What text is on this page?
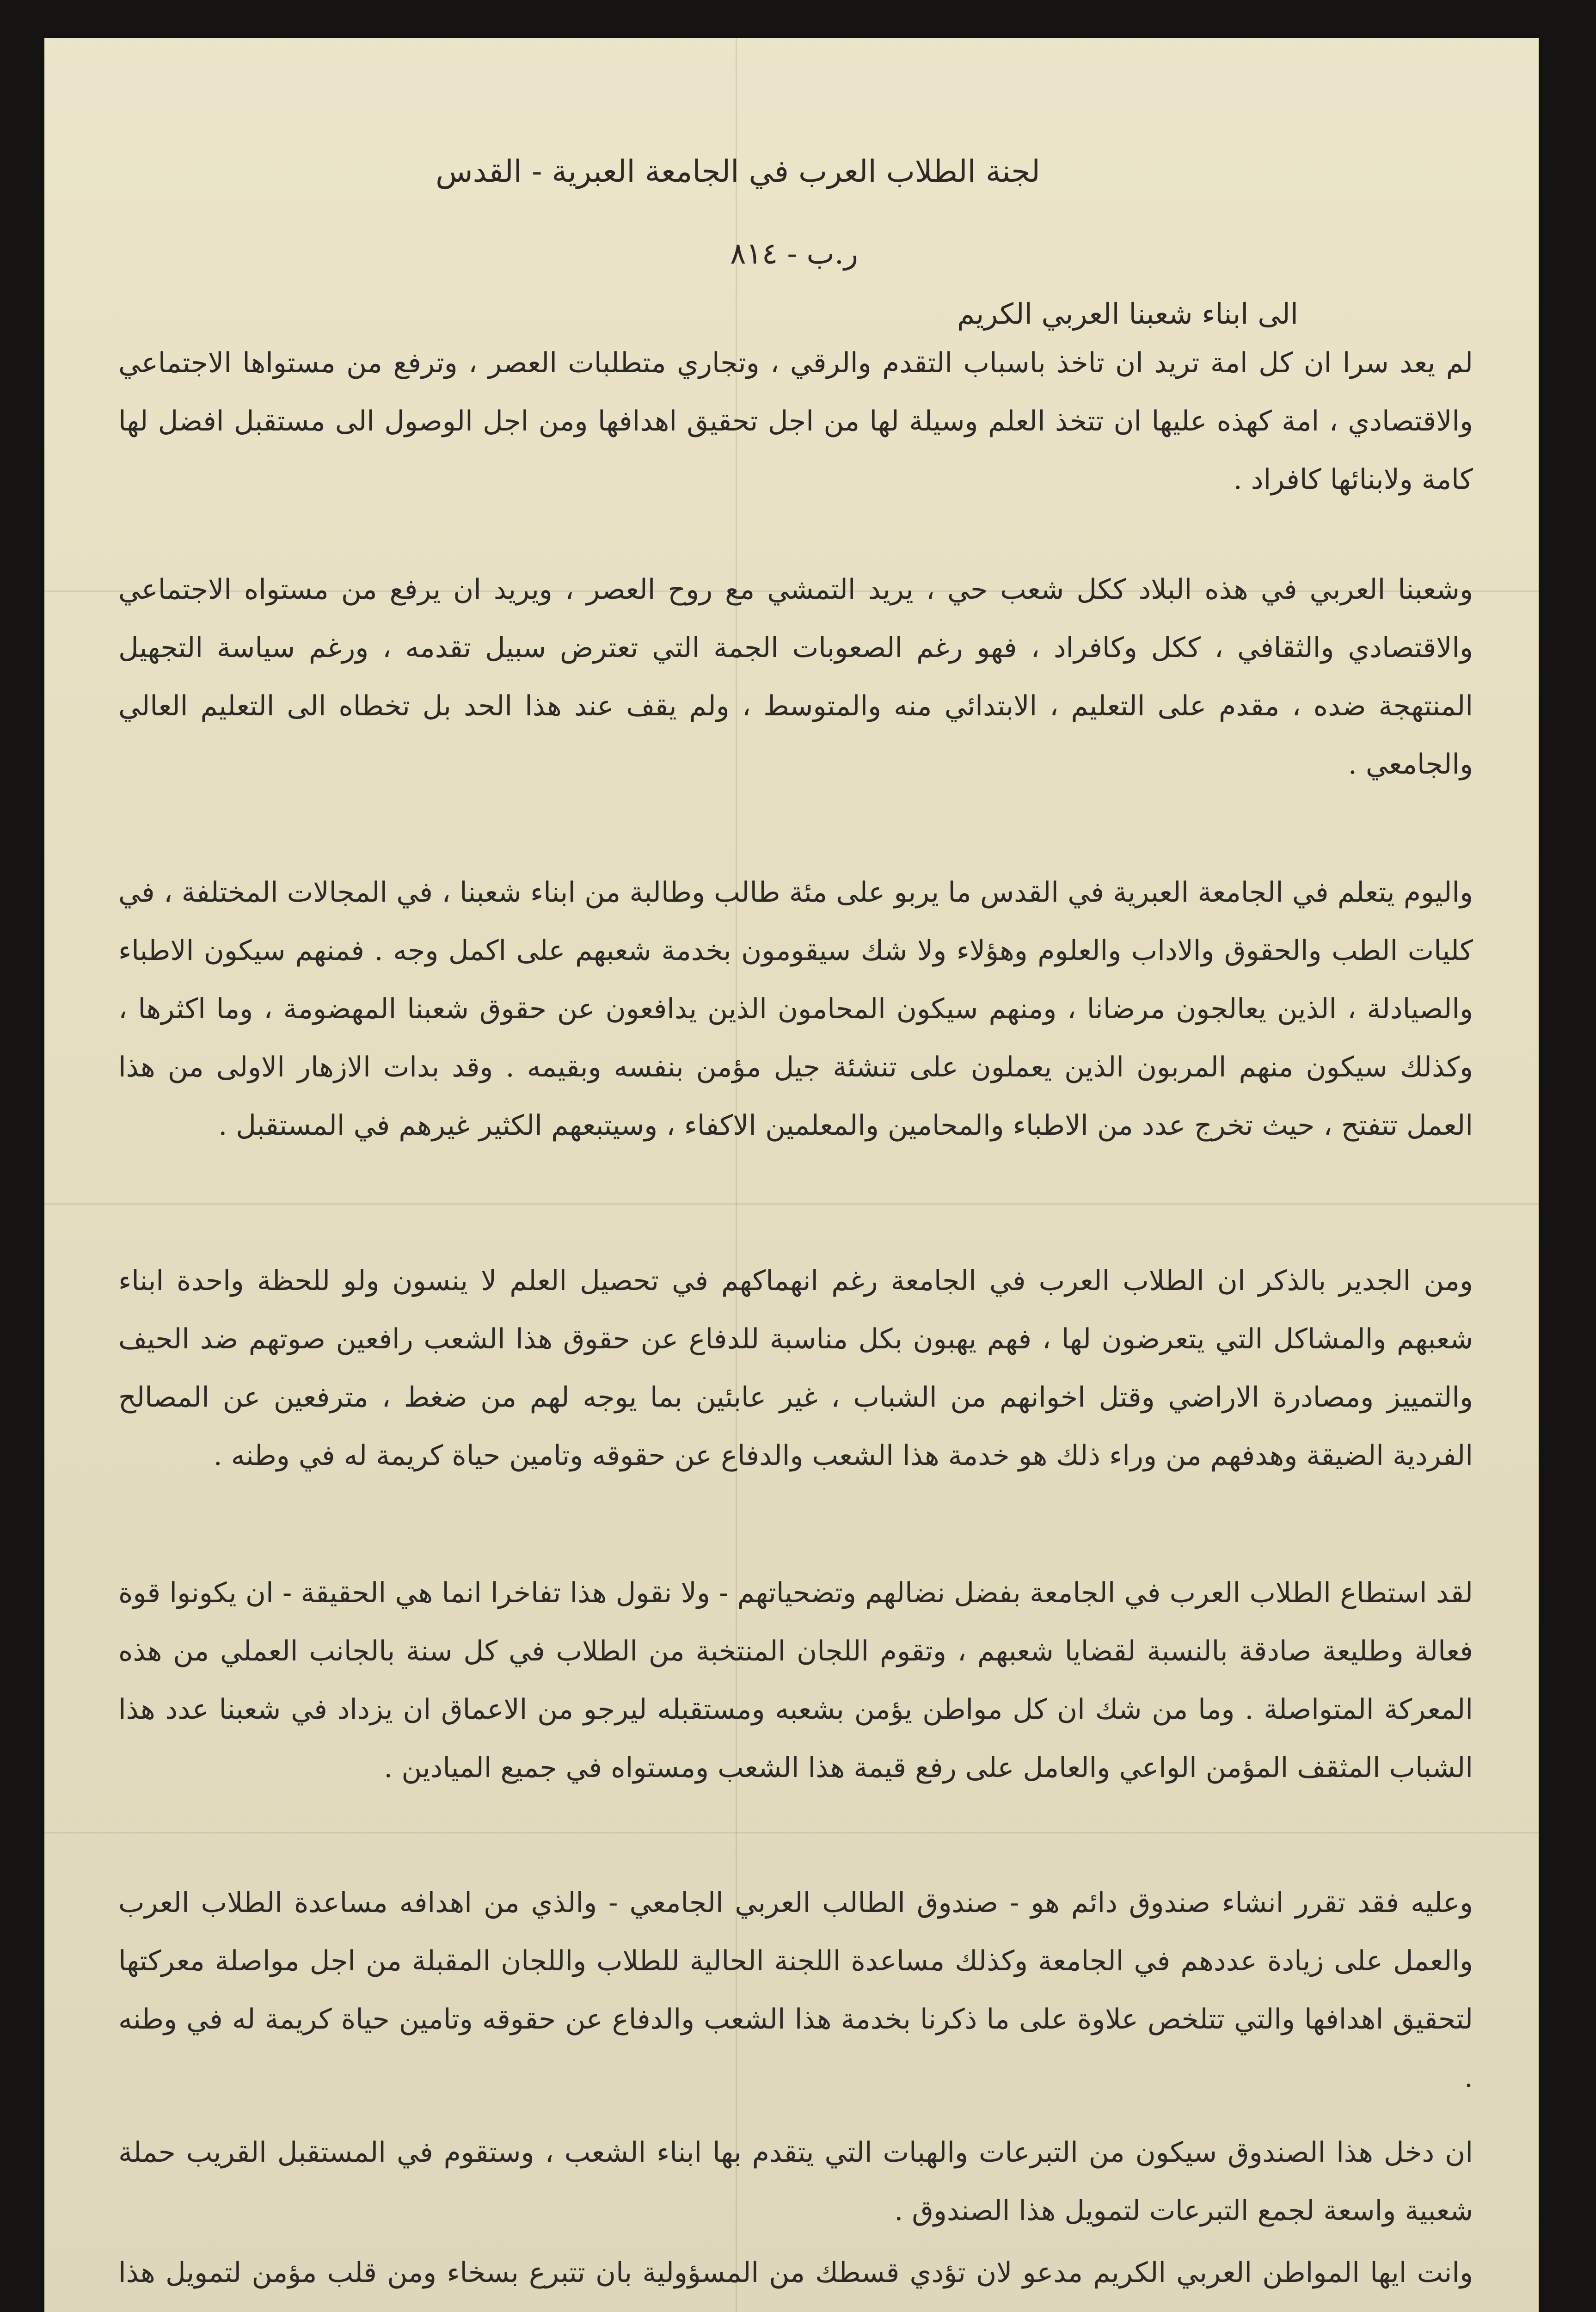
لجنة الطلاب العرب في الجامعة العبرية - القدس
ر.ب - ٨١٤
الى ابناء شعبنا العربي الكريم
لم يعد سرا ان كل امة تريد ان تاخذ باسباب التقدم والرقي ، وتجاري متطلبات العصر ، وترفع من مستواها الاجتماعي والاقتصادي ، امة كهذه عليها ان تتخذ العلم وسيلة لها من اجل تحقيق اهدافها ومن اجل الوصول الى مستقبل افضل لها كامة ولابنائها كافراد .
وشعبنا العربي في هذه البلاد ككل شعب حي ، يريد التمشي مع روح العصر ، ويريد ان يرفع من مستواه الاجتماعي والاقتصادي والثقافي ، ككل وكافراد ، فهو رغم الصعوبات الجمة التي تعترض سبيل تقدمه ، ورغم سياسة التجهيل المنتهجة ضده ، مقدم على التعليم ، الابتدائي منه والمتوسط ، ولم يقف عند هذا الحد بل تخطاه الى التعليم العالي والجامعي .
واليوم يتعلم في الجامعة العبرية في القدس ما يربو على مئة طالب وطالبة من ابناء شعبنا ، في المجالات المختلفة ، في كليات الطب والحقوق والاداب والعلوم وهؤلاء ولا شك سيقومون بخدمة شعبهم على اكمل وجه . فمنهم سيكون الاطباء والصيادلة ، الذين يعالجون مرضانا ، ومنهم سيكون المحامون الذين يدافعون عن حقوق شعبنا المهضومة ، وما اكثرها ، وكذلك سيكون منهم المربون الذين يعملون على تنشئة جيل مؤمن بنفسه وبقيمه . وقد بدات الازهار الاولى من هذا العمل تتفتح ، حيث تخرج عدد من الاطباء والمحامين والمعلمين الاكفاء ، وسيتبعهم الكثير غيرهم في المستقبل .
ومن الجدير بالذكر ان الطلاب العرب في الجامعة رغم انهماكهم في تحصيل العلم لا ينسون ولو للحظة واحدة ابناء شعبهم والمشاكل التي يتعرضون لها ، فهم يهبون بكل مناسبة للدفاع عن حقوق هذا الشعب رافعين صوتهم ضد الحيف والتمييز ومصادرة الاراضي وقتل اخوانهم من الشباب ، غير عابئين بما يوجه لهم من ضغط ، مترفعين عن المصالح الفردية الضيقة وهدفهم من وراء ذلك هو خدمة هذا الشعب والدفاع عن حقوقه وتامين حياة كريمة له في وطنه .
لقد استطاع الطلاب العرب في الجامعة بفضل نضالهم وتضحياتهم - ولا نقول هذا تفاخرا انما هي الحقيقة - ان يكونوا قوة فعالة وطليعة صادقة بالنسبة لقضايا شعبهم ، وتقوم اللجان المنتخبة من الطلاب في كل سنة بالجانب العملي من هذه المعركة المتواصلة . وما من شك ان كل مواطن يؤمن بشعبه ومستقبله ليرجو من الاعماق ان يزداد في شعبنا عدد هذا الشباب المثقف المؤمن الواعي والعامل على رفع قيمة هذا الشعب ومستواه في جميع الميادين .
وعليه فقد تقرر انشاء صندوق دائم هو - صندوق الطالب العربي الجامعي - والذي من اهدافه مساعدة الطلاب العرب والعمل على زيادة عددهم في الجامعة وكذلك مساعدة اللجنة الحالية للطلاب واللجان المقبلة من اجل مواصلة معركتها لتحقيق اهدافها والتي تتلخص علاوة على ما ذكرنا بخدمة هذا الشعب والدفاع عن حقوقه وتامين حياة كريمة له في وطنه .
ان دخل هذا الصندوق سيكون من التبرعات والهبات التي يتقدم بها ابناء الشعب ، وستقوم في المستقبل القريب حملة شعبية واسعة لجمع التبرعات لتمويل هذا الصندوق .
وانت ايها المواطن العربي الكريم مدعو لان تؤدي قسطك من المسؤولية بان تتبرع بسخاء ومن قلب مؤمن لتمويل هذا
